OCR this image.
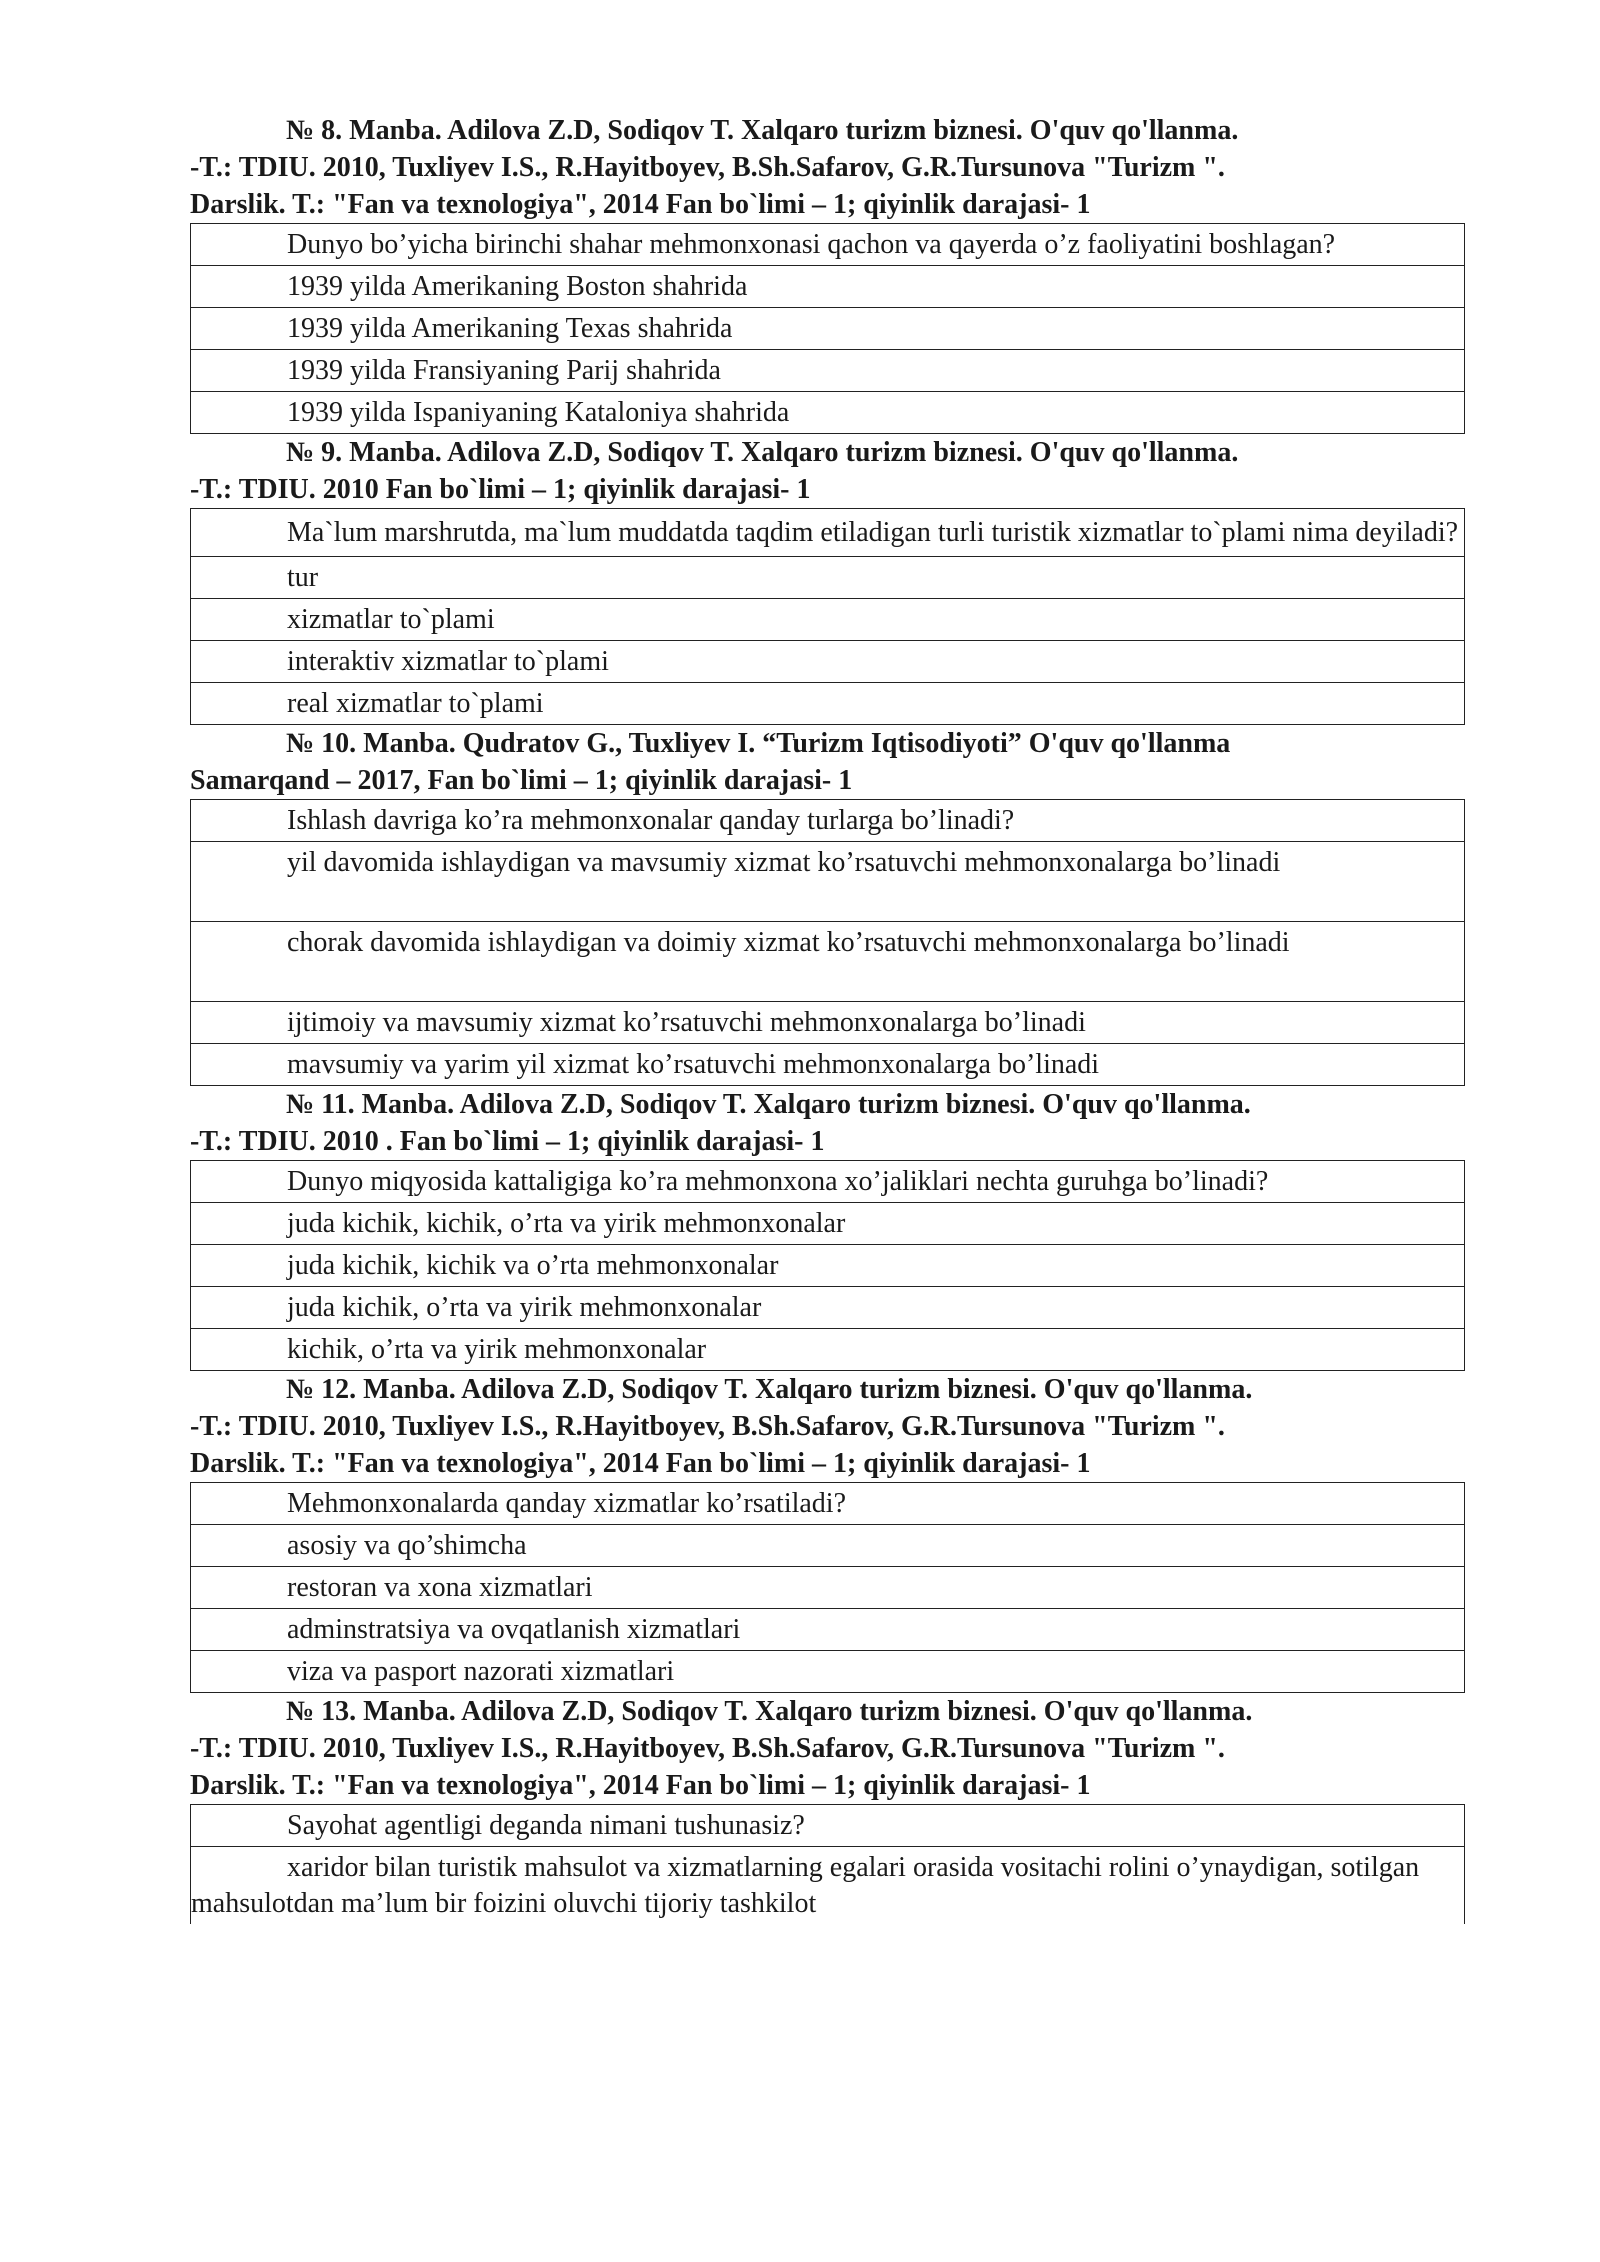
№ 8. Manba. Adilova Z.D, Sodiqov T. Xalqaro turizm biznesi. O'quv qo'llanma.
-T.: TDIU. 2010, Tuxliyev I.S., R.Hayitboyev, B.Sh.Safarov, G.R.Tursunova "Turizm ".
Darslik. T.: "Fan va texnologiya", 2014 Fan bo`limi – 1; qiyinlik darajasi- 1
Dunyo bo’yicha birinchi shahar mehmonxonasi qachon va qayerda o’z faoliyatini boshlagan?

1939 yilda Amerikaning Boston shahrida

1939 yilda Amerikaning Texas shahrida

1939 yilda Fransiyaning Parij shahrida

1939 yilda Ispaniyaning Kataloniya shahrida
№ 9. Manba. Adilova Z.D, Sodiqov T. Xalqaro turizm biznesi. O'quv qo'llanma.
-T.: TDIU. 2010 Fan bo`limi – 1; qiyinlik darajasi- 1
Ma`lum marshrutda, ma`lum muddatda taqdim etiladigan turli turistik xizmatlar to`plami nima deyiladi?

tur

xizmatlar to`plami

interaktiv xizmatlar to`plami

real xizmatlar to`plami
№ 10. Manba. Qudratov G., Tuxliyev I. “Turizm Iqtisodiyoti” O'quv qo'llanma
Samarqand – 2017, Fan bo`limi – 1; qiyinlik darajasi- 1
Ishlash davriga ko’ra mehmonxonalar qanday turlarga bo’linadi?

yil davomida ishlaydigan va mavsumiy xizmat ko’rsatuvchi mehmonxonalarga bo’linadi

chorak davomida ishlaydigan va doimiy xizmat ko’rsatuvchi mehmonxonalarga bo’linadi

ijtimoiy va mavsumiy xizmat ko’rsatuvchi mehmonxonalarga bo’linadi

mavsumiy va yarim yil xizmat ko’rsatuvchi mehmonxonalarga bo’linadi
№ 11. Manba. Adilova Z.D, Sodiqov T. Xalqaro turizm biznesi. O'quv qo'llanma.
-T.: TDIU. 2010 . Fan bo`limi – 1; qiyinlik darajasi- 1
Dunyo miqyosida kattaligiga ko’ra mehmonxona xo’jaliklari nechta guruhga bo’linadi?

juda kichik, kichik, o’rta va yirik mehmonxonalar

juda kichik, kichik va o’rta mehmonxonalar

juda kichik, o’rta va yirik mehmonxonalar

kichik, o’rta va yirik mehmonxonalar
№ 12. Manba. Adilova Z.D, Sodiqov T. Xalqaro turizm biznesi. O'quv qo'llanma.
-T.: TDIU. 2010, Tuxliyev I.S., R.Hayitboyev, B.Sh.Safarov, G.R.Tursunova "Turizm ".
Darslik. T.: "Fan va texnologiya", 2014 Fan bo`limi – 1; qiyinlik darajasi- 1
Mehmonxonalarda qanday xizmatlar ko’rsatiladi?

asosiy va qo’shimcha

restoran va xona xizmatlari

adminstratsiya va ovqatlanish xizmatlari

viza va pasport nazorati xizmatlari
№ 13. Manba. Adilova Z.D, Sodiqov T. Xalqaro turizm biznesi. O'quv qo'llanma.
-T.: TDIU. 2010, Tuxliyev I.S., R.Hayitboyev, B.Sh.Safarov, G.R.Tursunova "Turizm ".
Darslik. T.: "Fan va texnologiya", 2014 Fan bo`limi – 1; qiyinlik darajasi- 1
Sayohat agentligi deganda nimani tushunasiz?

xaridor bilan turistik mahsulot va xizmatlarning egalari orasida vositachi rolini o’ynaydigan, sotilgan mahsulotdan ma’lum bir foizini oluvchi tijoriy tashkilot
